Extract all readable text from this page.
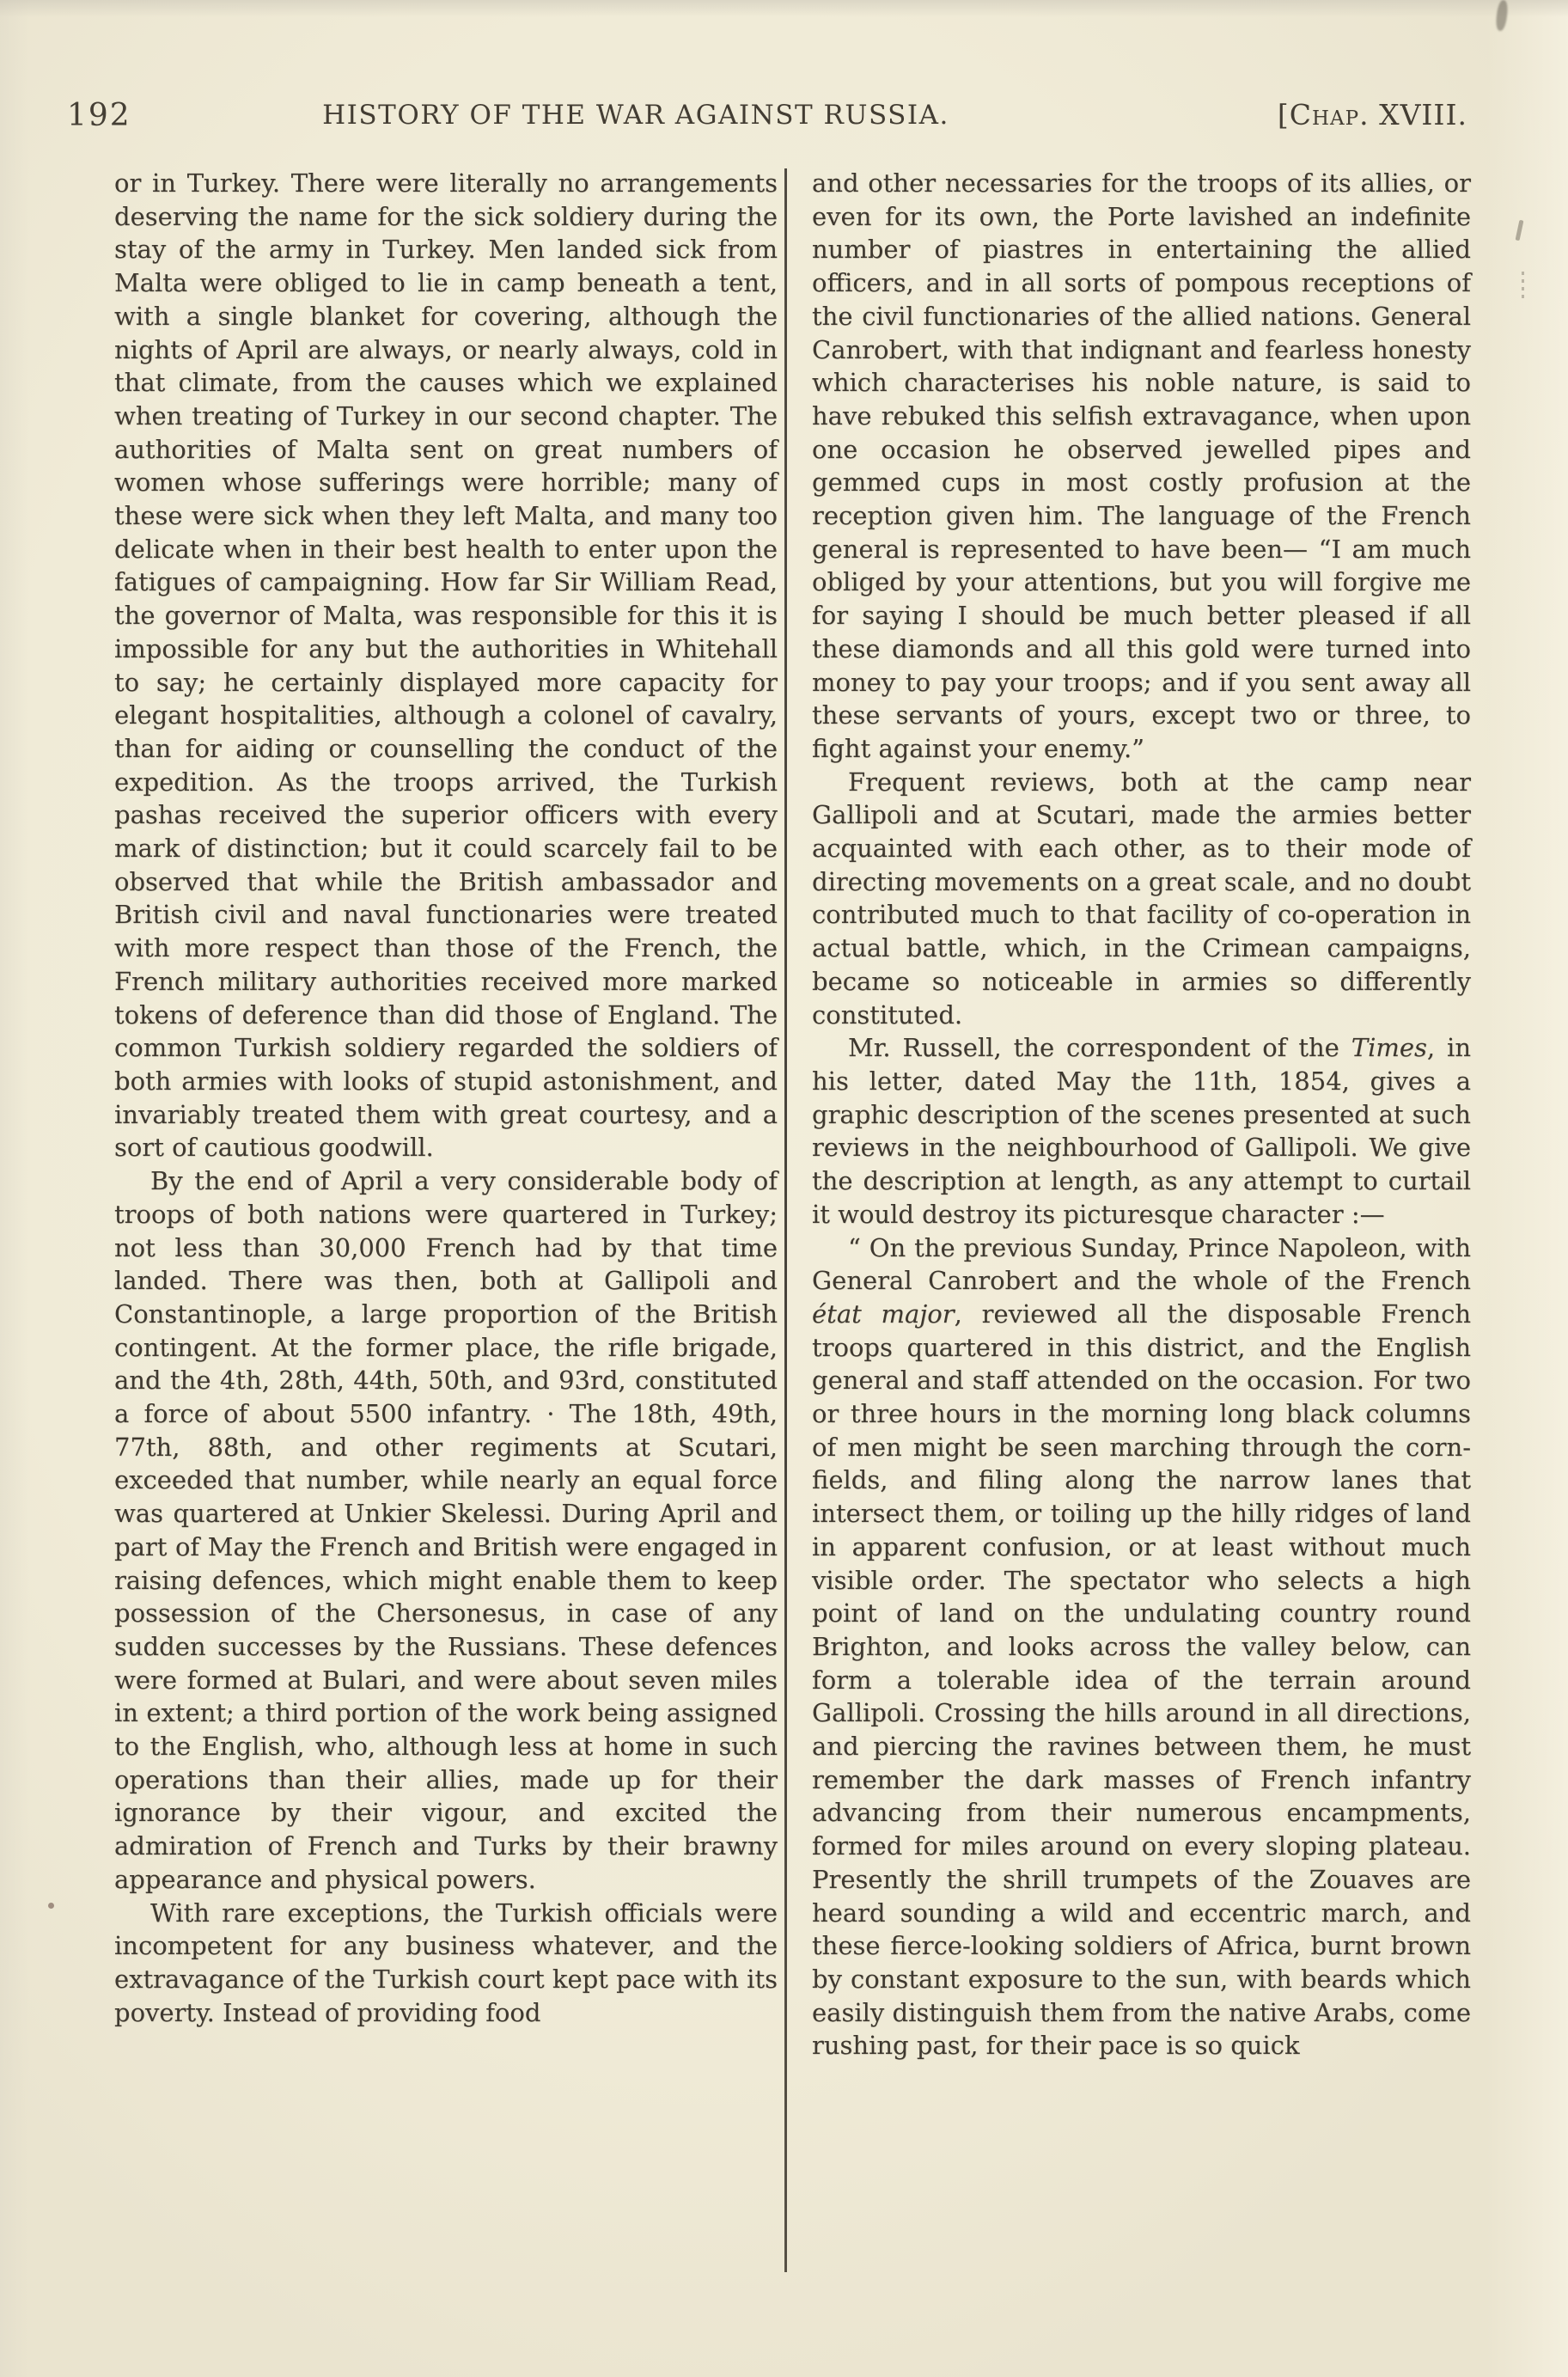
192	HISTORY OF THE WAR AGAINST RUSSIA.	[Chap. XVIII.

or in Turkey. There were literally no arrangements deserving the name for the sick soldiery during the stay of the army in Turkey. Men landed sick from Malta were obliged to lie in camp beneath a tent, with a single blanket for covering, although the nights of April are always, or nearly always, cold in that climate, from the causes which we explained when treating of Turkey in our second chapter. The authorities of Malta sent on great numbers of women whose sufferings were horrible; many of these were sick when they left Malta, and many too delicate when in their best health to enter upon the fatigues of campaigning. How far Sir William Read, the governor of Malta, was responsible for this it is impossible for any but the authorities in Whitehall to say; he certainly displayed more capacity for elegant hospitalities, although a colonel of cavalry, than for aiding or counselling the conduct of the expedition. As the troops arrived, the Turkish pashas received the superior officers with every mark of distinction; but it could scarcely fail to be observed that while the British ambassador and British civil and naval functionaries were treated with more respect than those of the French, the French military authorities received more marked tokens of deference than did those of England. The common Turkish soldiery regarded the soldiers of both armies with looks of stupid astonishment, and invariably treated them with great courtesy, and a sort of cautious goodwill.

By the end of April a very considerable body of troops of both nations were quartered in Turkey; not less than 30,000 French had by that time landed. There was then, both at Gallipoli and Constantinople, a large proportion of the British contingent. At the former place, the rifle brigade, and the 4th, 28th, 44th, 50th, and 93rd, constituted a force of about 5500 infantry. · The 18th, 49th, 77th, 88th, and other regiments at Scutari, exceeded that number, while nearly an equal force was quartered at Unkier Skelessi. During April and part of May the French and British were engaged in raising defences, which might enable them to keep possession of the Chersonesus, in case of any sudden successes by the Russians. These defences were formed at Bulari, and were about seven miles in extent; a third portion of the work being assigned to the English, who, although less at home in such operations than their allies, made up for their ignorance by their vigour, and excited the admiration of French and Turks by their brawny appearance and physical powers.

With rare exceptions, the Turkish officials were incompetent for any business whatever, and the extravagance of the Turkish court kept pace with its poverty. Instead of providing food

and other necessaries for the troops of its allies, or even for its own, the Porte lavished an indefinite number of piastres in entertaining the allied officers, and in all sorts of pompous receptions of the civil functionaries of the allied nations. General Canrobert, with that indignant and fearless honesty which characterises his noble nature, is said to have rebuked this selfish extravagance, when upon one occasion he observed jewelled pipes and gemmed cups in most costly profusion at the reception given him. The language of the French general is represented to have been— “I am much obliged by your attentions, but you will forgive me for saying I should be much better pleased if all these diamonds and all this gold were turned into money to pay your troops; and if you sent away all these servants of yours, except two or three, to fight against your enemy.”

Frequent reviews, both at the camp near Gallipoli and at Scutari, made the armies better acquainted with each other, as to their mode of directing movements on a great scale, and no doubt contributed much to that facility of co-operation in actual battle, which, in the Crimean campaigns, became so noticeable in armies so differently constituted.

Mr. Russell, the correspondent of the Times, in his letter, dated May the 11th, 1854, gives a graphic description of the scenes presented at such reviews in the neighbourhood of Gallipoli. We give the description at length, as any attempt to curtail it would destroy its picturesque character :—

“ On the previous Sunday, Prince Napoleon, with General Canrobert and the whole of the French état major, reviewed all the disposable French troops quartered in this district, and the English general and staff attended on the occasion. For two or three hours in the morning long black columns of men might be seen marching through the corn-fields, and filing along the narrow lanes that intersect them, or toiling up the hilly ridges of land in apparent confusion, or at least without much visible order. The spectator who selects a high point of land on the undulating country round Brighton, and looks across the valley below, can form a tolerable idea of the terrain around Gallipoli. Crossing the hills around in all directions, and piercing the ravines between them, he must remember the dark masses of French infantry advancing from their numerous encampments, formed for miles around on every sloping plateau. Presently the shrill trumpets of the Zouaves are heard sounding a wild and eccentric march, and these fierce-looking soldiers of Africa, burnt brown by constant exposure to the sun, with beards which easily distinguish them from the native Arabs, come rushing past, for their pace is so quick
